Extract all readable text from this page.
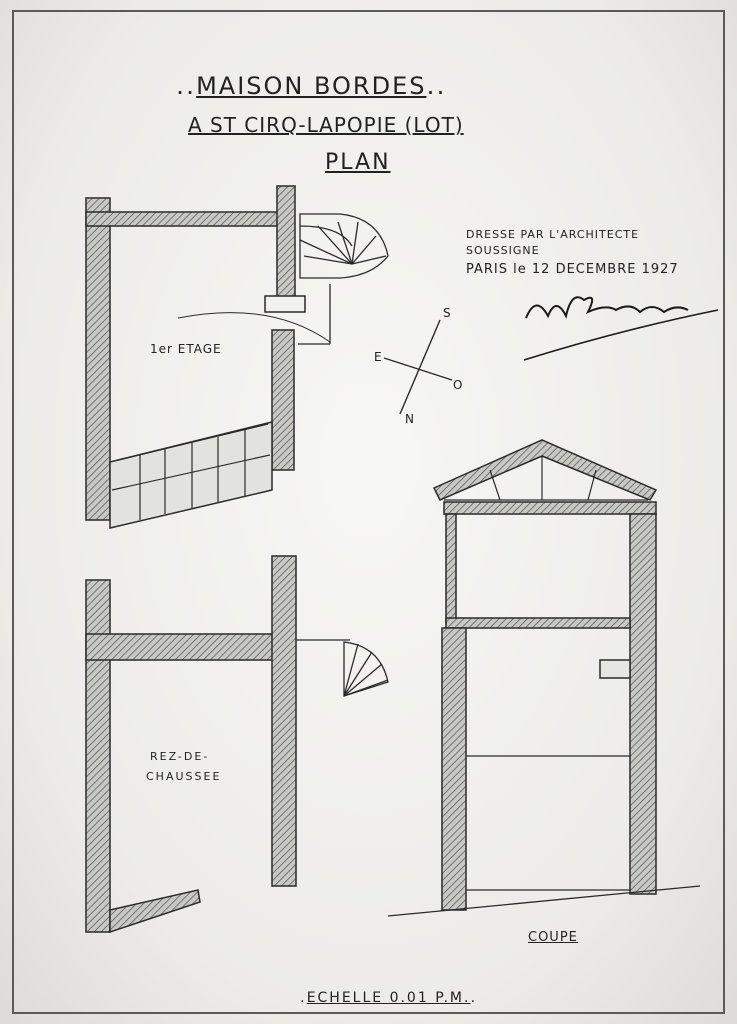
․․MAISON BORDES․․
A ST CIRQ-LAPOPIE (LOT)
PLAN
DRESSE PAR L'ARCHITECTE
SOUSSIGNE
PARIS le 12 DECEMBRE 1927
S
E
O
N
1er ETAGE
REZ-DE-
CHAUSSEE
COUPE
․ECHELLE 0.01 P.M.․
